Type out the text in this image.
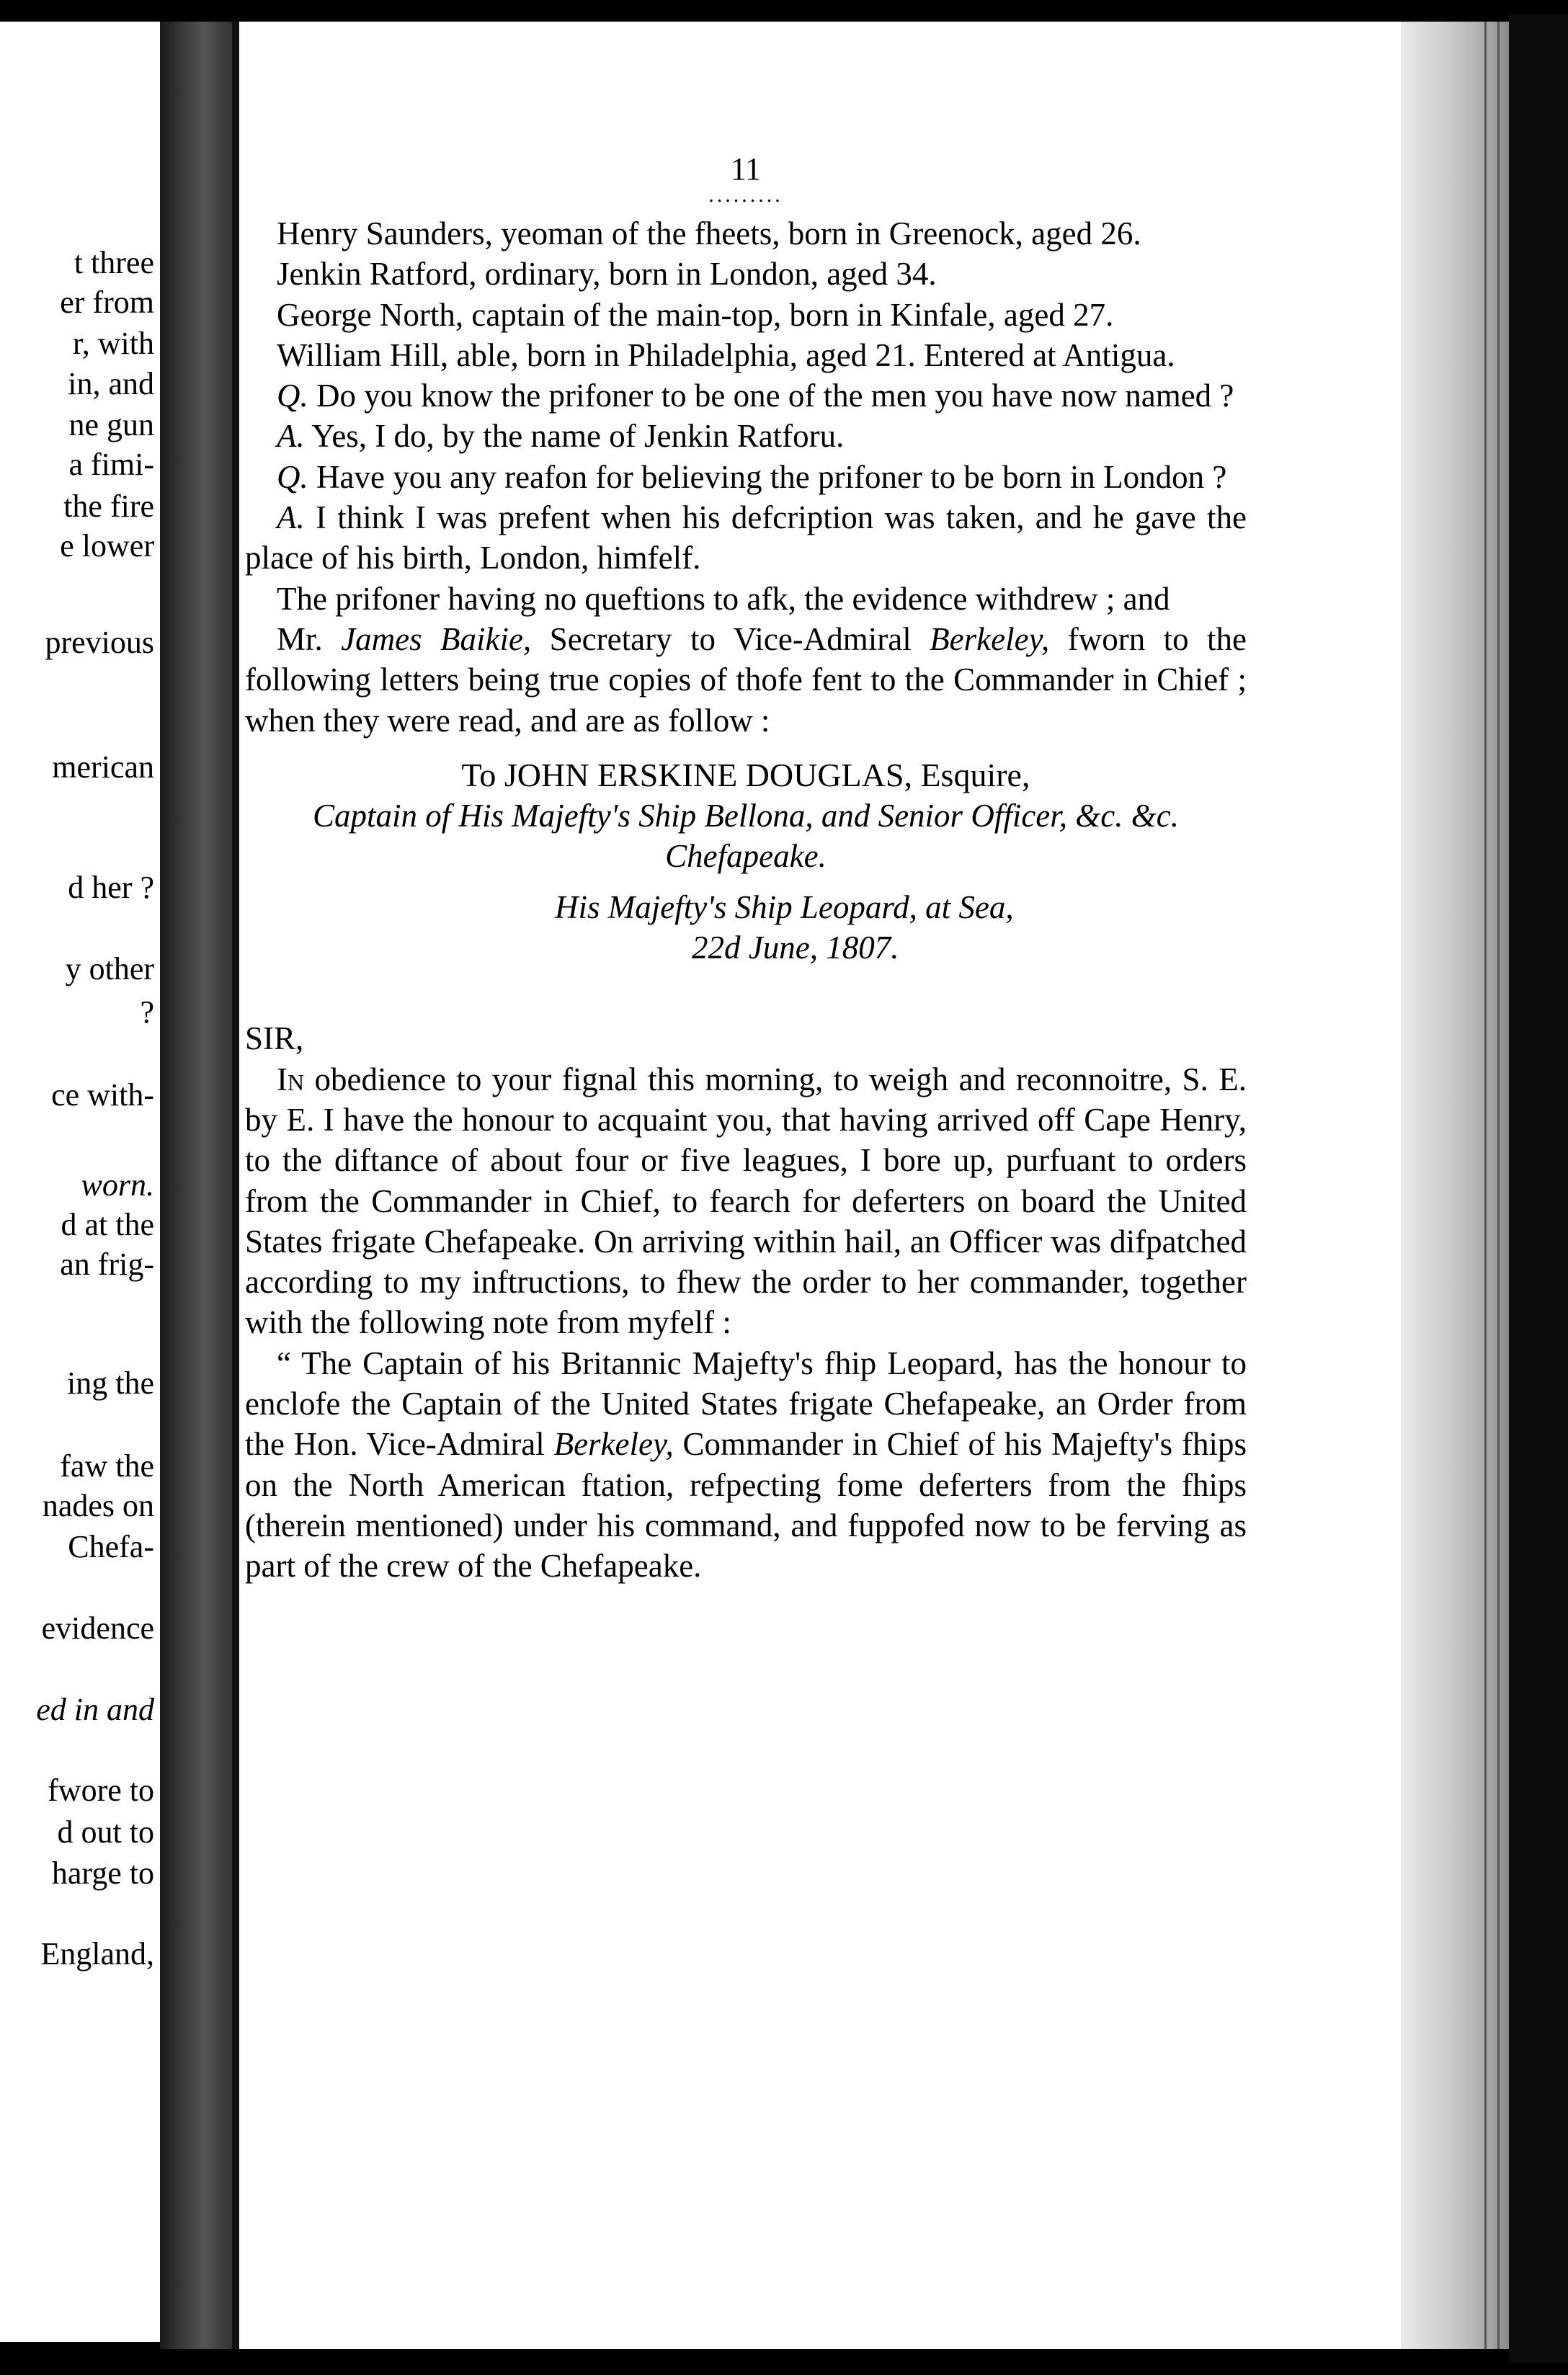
t three
er from
r, with
in, and
ne gun
a fimi-
the fire
e lower
previous
merican
d her ?
y other
?
ce with-
worn.
d at the
an frig-
ing the
faw the
nades on
Chefa-
evidence
ed in and
fwore to
d out to
harge to
England,

11

.........

Henry Saunders, yeoman of the fheets, born in Greenock, aged 26.

Jenkin Ratford, ordinary, born in London, aged 34.

George North, captain of the main-top, born in Kinfale, aged 27.

William Hill, able, born in Philadelphia, aged 21. Entered at Antigua.

Q. Do you know the prifoner to be one of the men you have now named ?

A. Yes, I do, by the name of Jenkin Ratforu.

Q. Have you any reafon for believing the prifoner to be born in London ?

A. I think I was prefent when his defcription was taken, and he gave the place of his birth, London, himfelf.

The prifoner having no queftions to afk, the evidence withdrew ; and

Mr. James Baikie, Secretary to Vice-Admiral Berkeley, fworn to the following letters being true copies of thofe fent to the Commander in Chief ; when they were read, and are as follow :

To JOHN ERSKINE DOUGLAS, Esquire,

Captain of His Majefty's Ship Bellona, and Senior Officer, &c. &c. Chefapeake.

His Majefty's Ship Leopard, at Sea,

22d June, 1807.

SIR,

In obedience to your fignal this morning, to weigh and reconnoitre, S. E. by E. I have the honour to acquaint you, that having arrived off Cape Henry, to the diftance of about four or five leagues, I bore up, purfuant to orders from the Commander in Chief, to fearch for deferters on board the United States frigate Chefapeake. On arriving within hail, an Officer was difpatched according to my inftructions, to fhew the order to her commander, together with the following note from myfelf :

“ The Captain of his Britannic Majefty's fhip Leopard, has the honour to enclofe the Captain of the United States frigate Chefapeake, an Order from the Hon. Vice-Admiral Berkeley, Commander in Chief of his Majefty's fhips on the North American ftation, refpecting fome deferters from the fhips (therein mentioned) under his command, and fuppofed now to be ferving as part of the crew of the Chefapeake.
